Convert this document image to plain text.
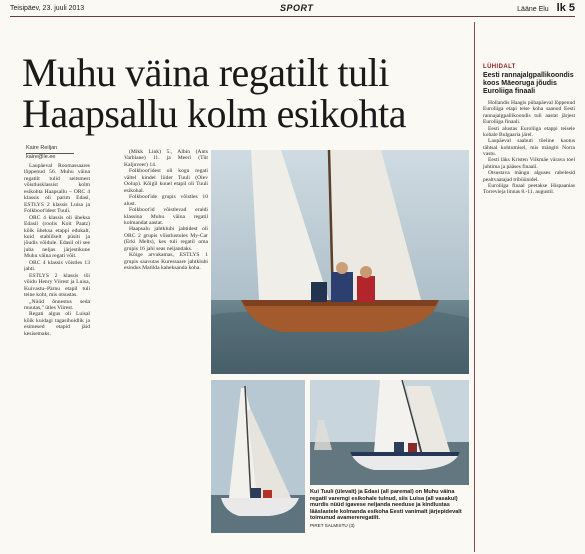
Teisipäev, 23. juuli 2013	SPORT	Lääne Elu lk 5
Muhu väina regatilt tuli Haapsallu kolm esikohta
Kaire Reiljan
kaire@le.ee

Laupäeval Roomassaares lõppenud 56. Muhu väina regatilt tulid seitsmest võistlusklassist kolm esikohta Haapsallu – ORC 4 klassis oli parim Edasi, ESTLYS 2 klassis Luisa ja Folkboot'idest Tuuli.

ORC 4 klassis oli üheksa Edasil (roolis Koit Paatz) kõik üheksa etappi edukalt, kuid stabiilselt püsiti ja jõudis võidule. Edasil oli see juba neljas järjestikune Muhu väina regati võit.

ORC 4 klassis võistles 13 jahti.

ESTLYS 2 klassis tõi võidu Henry Viirest ja Luisa, Kuivastu–Pärnu etapil tuli teine koht, mis otsustas.

„Nüüd õnnestus seda muutas," ütles Viirest.

Regati algus oli Luisal kõik kuidagi tagasihoidlik ja esimesed etapid jäid kesisemaks.

(Mikk Link) 5., Albin (Ants Varblane) 11. ja Meeri (Tiit Kaljuveer) 14.

Folkboot'idest oli kogu regati vältel kindel liider Tuuli (Olev Oolup). Kõigil kuuel etapil oli Tuuli esikohal.

Folkboot'ide grupis võistles 10 alust.

Folkboot'id võistlevad eraldi klassina Muhu väina regatil kolmandat aastat.

Haapsalu jahtklubi jahtidest oli ORC 2 grupis võistlustules My-Car (Erki Melts), kes tuli regatil oma grupis 16 jahi seas neljandaks.

Kõige arvukamas, ESTLYS 1 grupis saavutas Kuressaare jahtklubi esindus Matilda kaheksanda koha.

Kui Tuuli (ülevalt) ja Edasi (all paremal) on Muhu väina regatil varemgi esikohale tulnud, siis Luisa (all vasakul) murdis nüüd igavese neljanda needuse ja kindlustas lääslastele kolmanda esikoha Eesti vanimalt järjepidevalt toimunud avamereregatilt.
PIRET SALMISTU (3)
LÜHIDALT
Eesti rannajalgpallikoondis koos Mäeoruga jõudis Euroliiga finaali

Hollandis Haagis pühapäeval lõppenud Euroliiga etapi teise koha saanud Eesti rannajalgpallikoondis tuli aastat järjest Euroliiga finaali.

Eesti alustas Euroliiga etappi teisele kohale Bulgaaria järel.

Laupäeval saabuti tõeline kaotus tähtsal kohtumisel, mis mängiti Norra vastu.

Eesti läks Kristen Viikmäe värava toel juhtima ja pääses finaali.

Otsustava mängu alguses rabelesid pealtvaatajad tribüünidel.

Euroliiga finaal peetakse Hispaanias Torrevieja linnas 8.-11. augustil.
